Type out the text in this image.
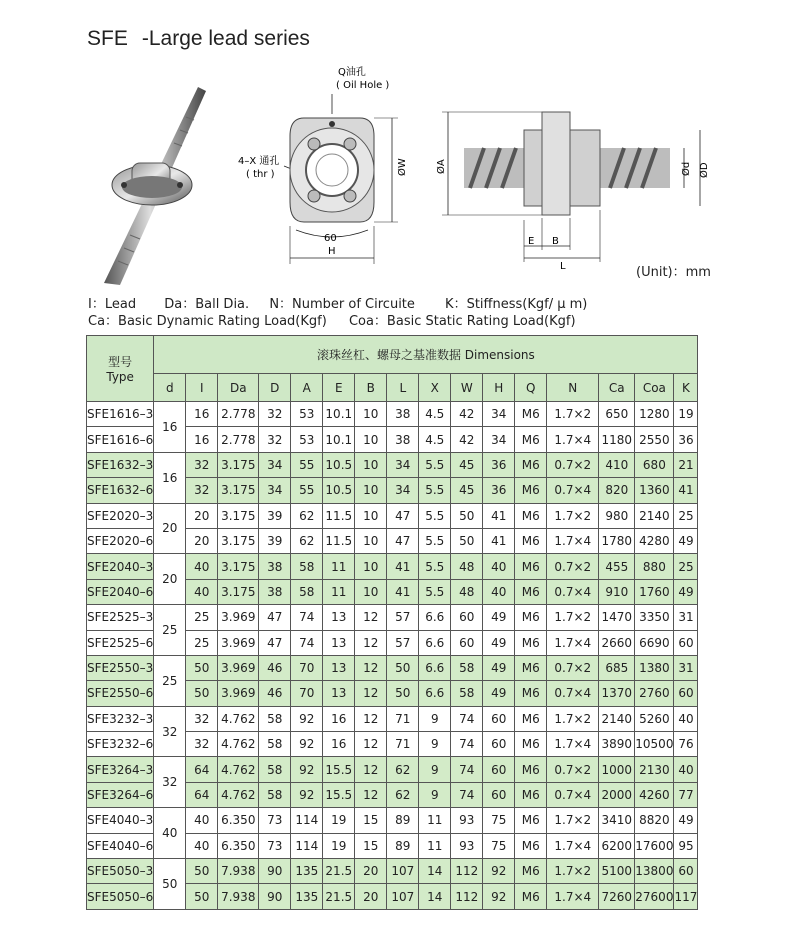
SFE -Large lead series
Q油孔
( Oil Hole )
4–X 通孔
( thr )	ØW
60
H
ØA	Ød ØD
E B
L	(Unit)：mm
I：Lead Da：Ball Dia. N：Number of Circuite K：Stiffness(Kgf/ μ m)
Ca：Basic Dynamic Rating Load(Kgf) Coa：Basic Static Rating Load(Kgf)
型号
Type	滚珠丝杠、螺母之基准数据 Dimensions															
	d	I	Da	D	A	E	B	L	X	W	H	Q	N	Ca	Coa	K
SFE1616–3	16	16	2.778	32	53	10.1	10	38	4.5	42	34	M6	1.7×2	650	1280	19
SFE1616–6		16	2.778	32	53	10.1	10	38	4.5	42	34	M6	1.7×4	1180	2550	36
SFE1632–3	16	32	3.175	34	55	10.5	10	34	5.5	45	36	M6	0.7×2	410	680	21
SFE1632–6		32	3.175	34	55	10.5	10	34	5.5	45	36	M6	0.7×4	820	1360	41
SFE2020–3	20	20	3.175	39	62	11.5	10	47	5.5	50	41	M6	1.7×2	980	2140	25
SFE2020–6		20	3.175	39	62	11.5	10	47	5.5	50	41	M6	1.7×4	1780	4280	49
SFE2040–3	20	40	3.175	38	58	11	10	41	5.5	48	40	M6	0.7×2	455	880	25
SFE2040–6		40	3.175	38	58	11	10	41	5.5	48	40	M6	0.7×4	910	1760	49
SFE2525–3	25	25	3.969	47	74	13	12	57	6.6	60	49	M6	1.7×2	1470	3350	31
SFE2525–6		25	3.969	47	74	13	12	57	6.6	60	49	M6	1.7×4	2660	6690	60
SFE2550–3	25	50	3.969	46	70	13	12	50	6.6	58	49	M6	0.7×2	685	1380	31
SFE2550–6		50	3.969	46	70	13	12	50	6.6	58	49	M6	0.7×4	1370	2760	60
SFE3232–3	32	32	4.762	58	92	16	12	71	9	74	60	M6	1.7×2	2140	5260	40
SFE3232–6		32	4.762	58	92	16	12	71	9	74	60	M6	1.7×4	3890	10500	76
SFE3264–3	32	64	4.762	58	92	15.5	12	62	9	74	60	M6	0.7×2	1000	2130	40
SFE3264–6		64	4.762	58	92	15.5	12	62	9	74	60	M6	0.7×4	2000	4260	77
SFE4040–3	40	40	6.350	73	114	19	15	89	11	93	75	M6	1.7×2	3410	8820	49
SFE4040–6		40	6.350	73	114	19	15	89	11	93	75	M6	1.7×4	6200	17600	95
SFE5050–3	50	50	7.938	90	135	21.5	20	107	14	112	92	M6	1.7×2	5100	13800	60
SFE5050–6		50	7.938	90	135	21.5	20	107	14	112	92	M6	1.7×4	7260	27600	117
